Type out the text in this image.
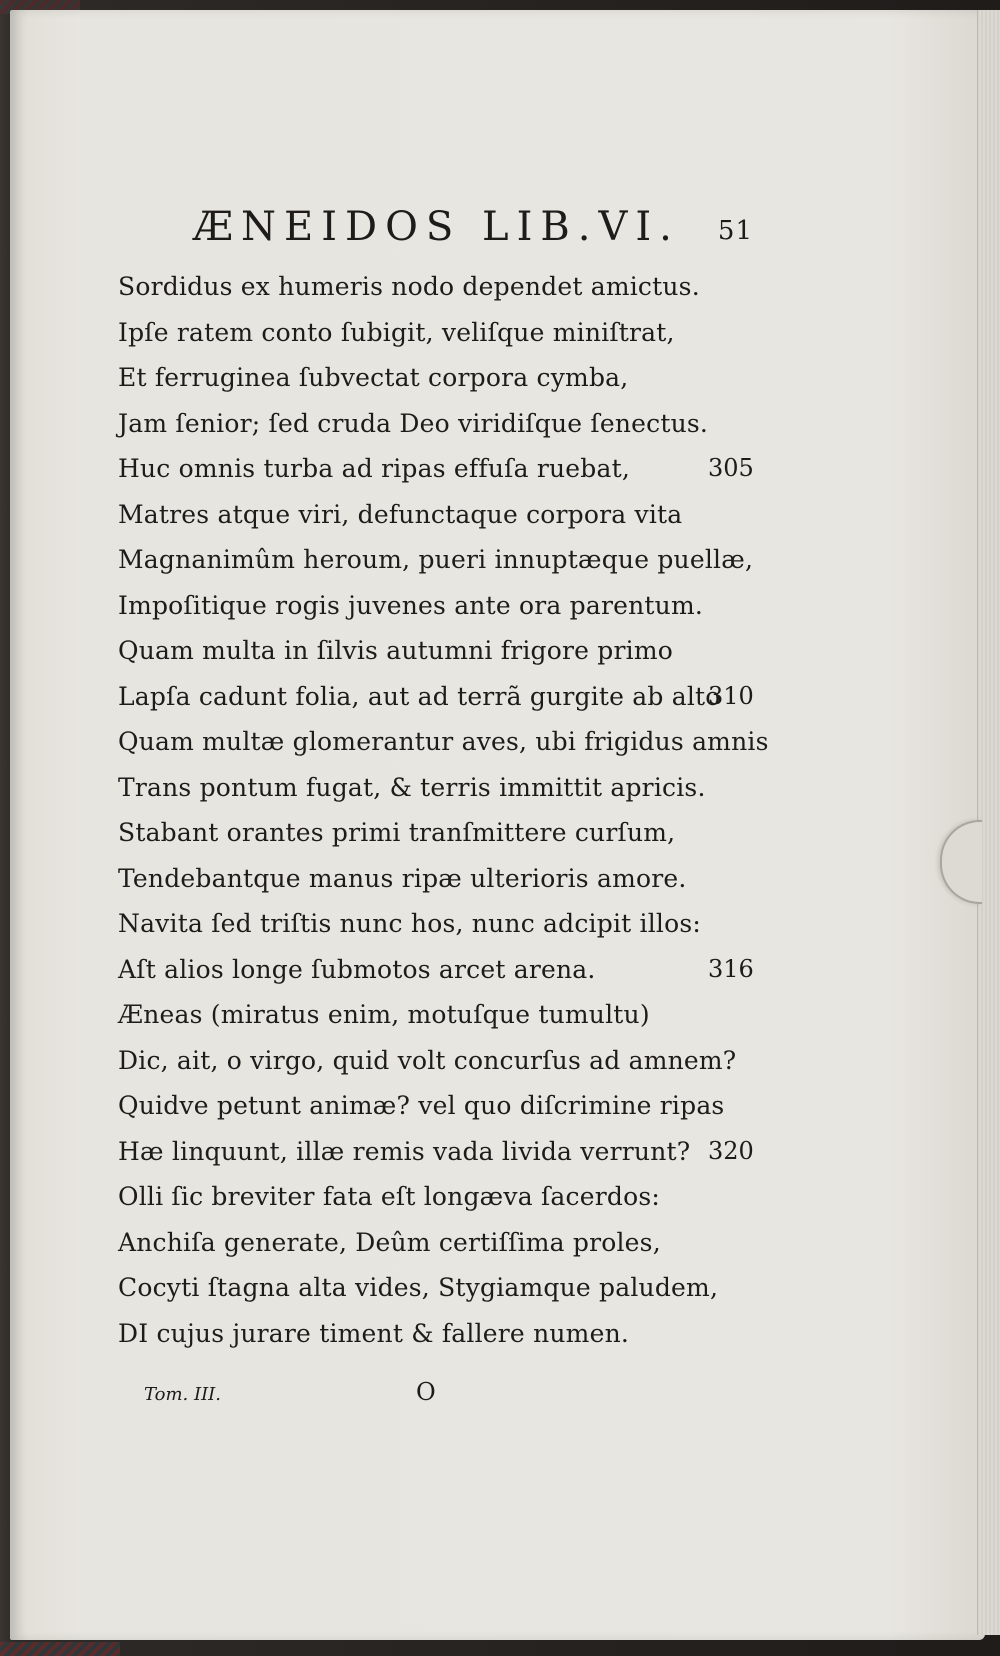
ÆNEIDOS LIB.VI. 51
Sordidus ex humeris nodo dependet amictus.
Ipſe ratem conto ſubigit, veliſque miniſtrat,
Et ferruginea ſubvectat corpora cymba,
Jam ſenior; ſed cruda Deo viridiſque ſenectus.
Huc omnis turba ad ripas effuſa ruebat,	305
Matres atque viri, defunctaque corpora vita
Magnanimûm heroum, pueri innuptæque puellæ,
Impoſitique rogis juvenes ante ora parentum.
Quam multa in ſilvis autumni frigore primo
Lapſa cadunt folia, aut ad terrã gurgite ab alto
310
Quam multæ glomerantur aves, ubi frigidus amnis
Trans pontum fugat, & terris immittit apricis.
Stabant orantes primi tranſmittere curſum,
Tendebantque manus ripæ ulterioris amore.
Navita ſed triſtis nunc hos, nunc adcipit illos:
Aſt alios longe ſubmotos arcet arena.	316
Æneas (miratus enim, motuſque tumultu)
Dic, ait, o virgo, quid volt concurſus ad amnem?
Quidve petunt animæ? vel quo diſcrimine ripas
Hæ linquunt, illæ remis vada livida verrunt? 320
Olli ſic breviter fata eſt longæva ſacerdos:
Anchiſa generate, Deûm certiſſima proles,
Cocyti ſtagna alta vides, Stygiamque paludem,
DI cujus jurare timent & fallere numen.
Tom. III.	O
